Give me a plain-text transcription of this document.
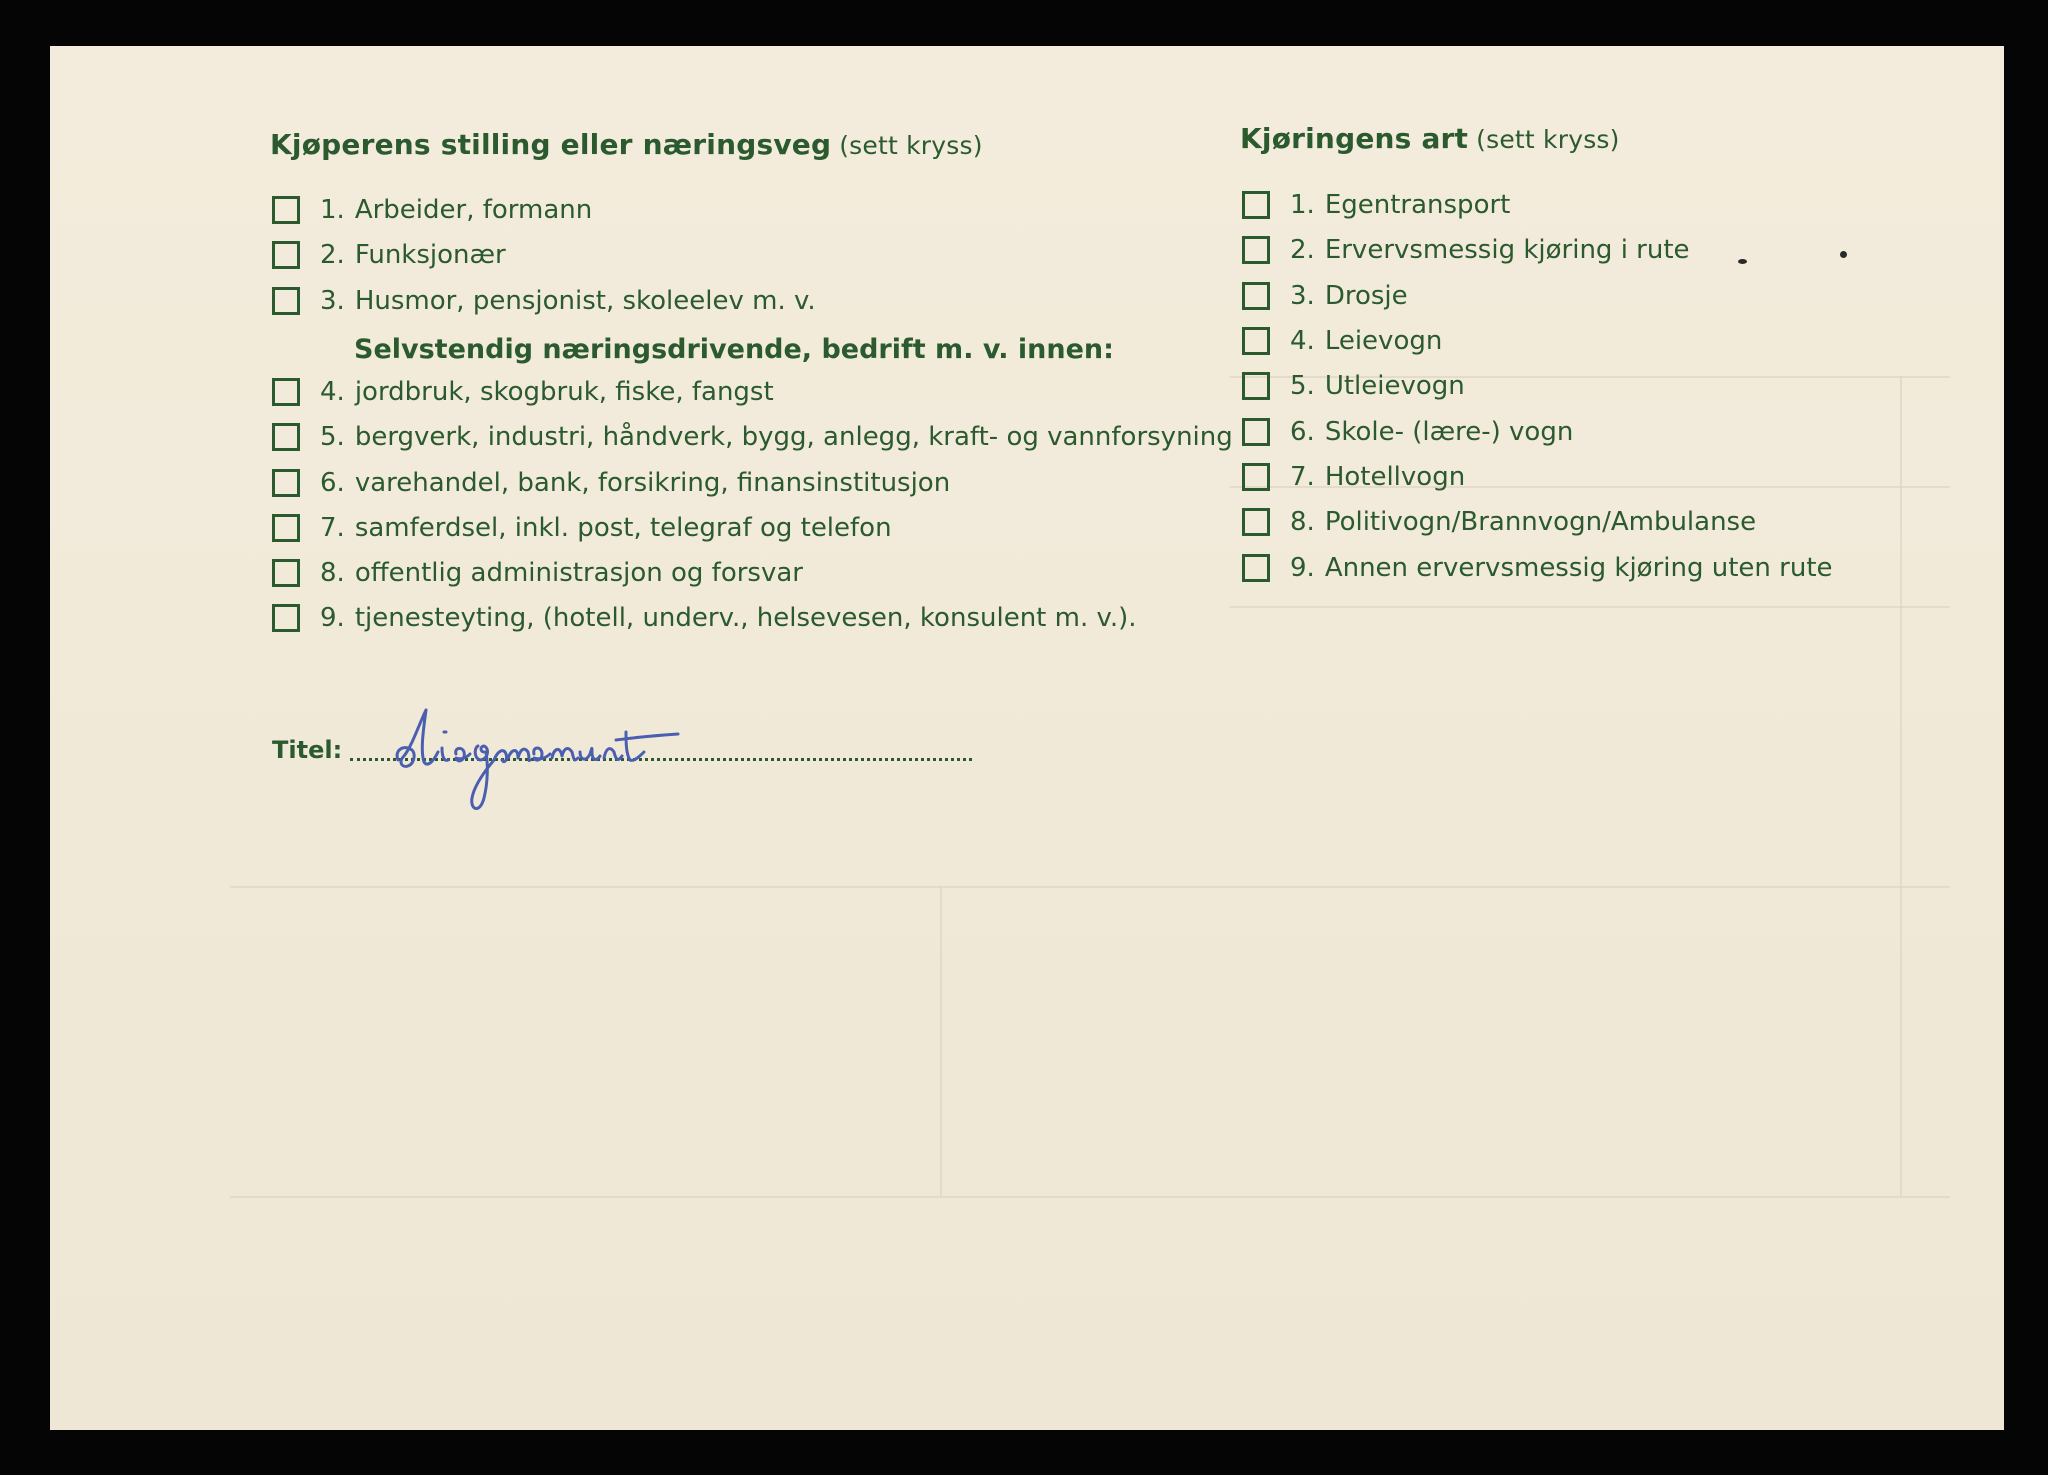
Kjøperens stilling eller næringsveg (sett kryss)
1. Arbeider, formann
2. Funksjonær
3. Husmor, pensjonist, skoleelev m. v.
Selvstendig næringsdrivende, bedrift m. v. innen:
4. jordbruk, skogbruk, fiske, fangst
5. bergverk, industri, håndverk, bygg, anlegg, kraft- og vannforsyning
6. varehandel, bank, forsikring, finansinstitusjon
7. samferdsel, inkl. post, telegraf og telefon
8. offentlig administrasjon og forsvar
9. tjenesteyting, (hotell, underv., helsevesen, konsulent m. v.).
Kjøringens art (sett kryss)
1. Egentransport
2. Ervervsmessig kjøring i rute
3. Drosje
4. Leievogn
5. Utleievogn
6. Skole- (lære-) vogn
7. Hotellvogn
8. Politivogn/Brannvogn/Ambulanse
9. Annen ervervsmessig kjøring uten rute
Titel:
